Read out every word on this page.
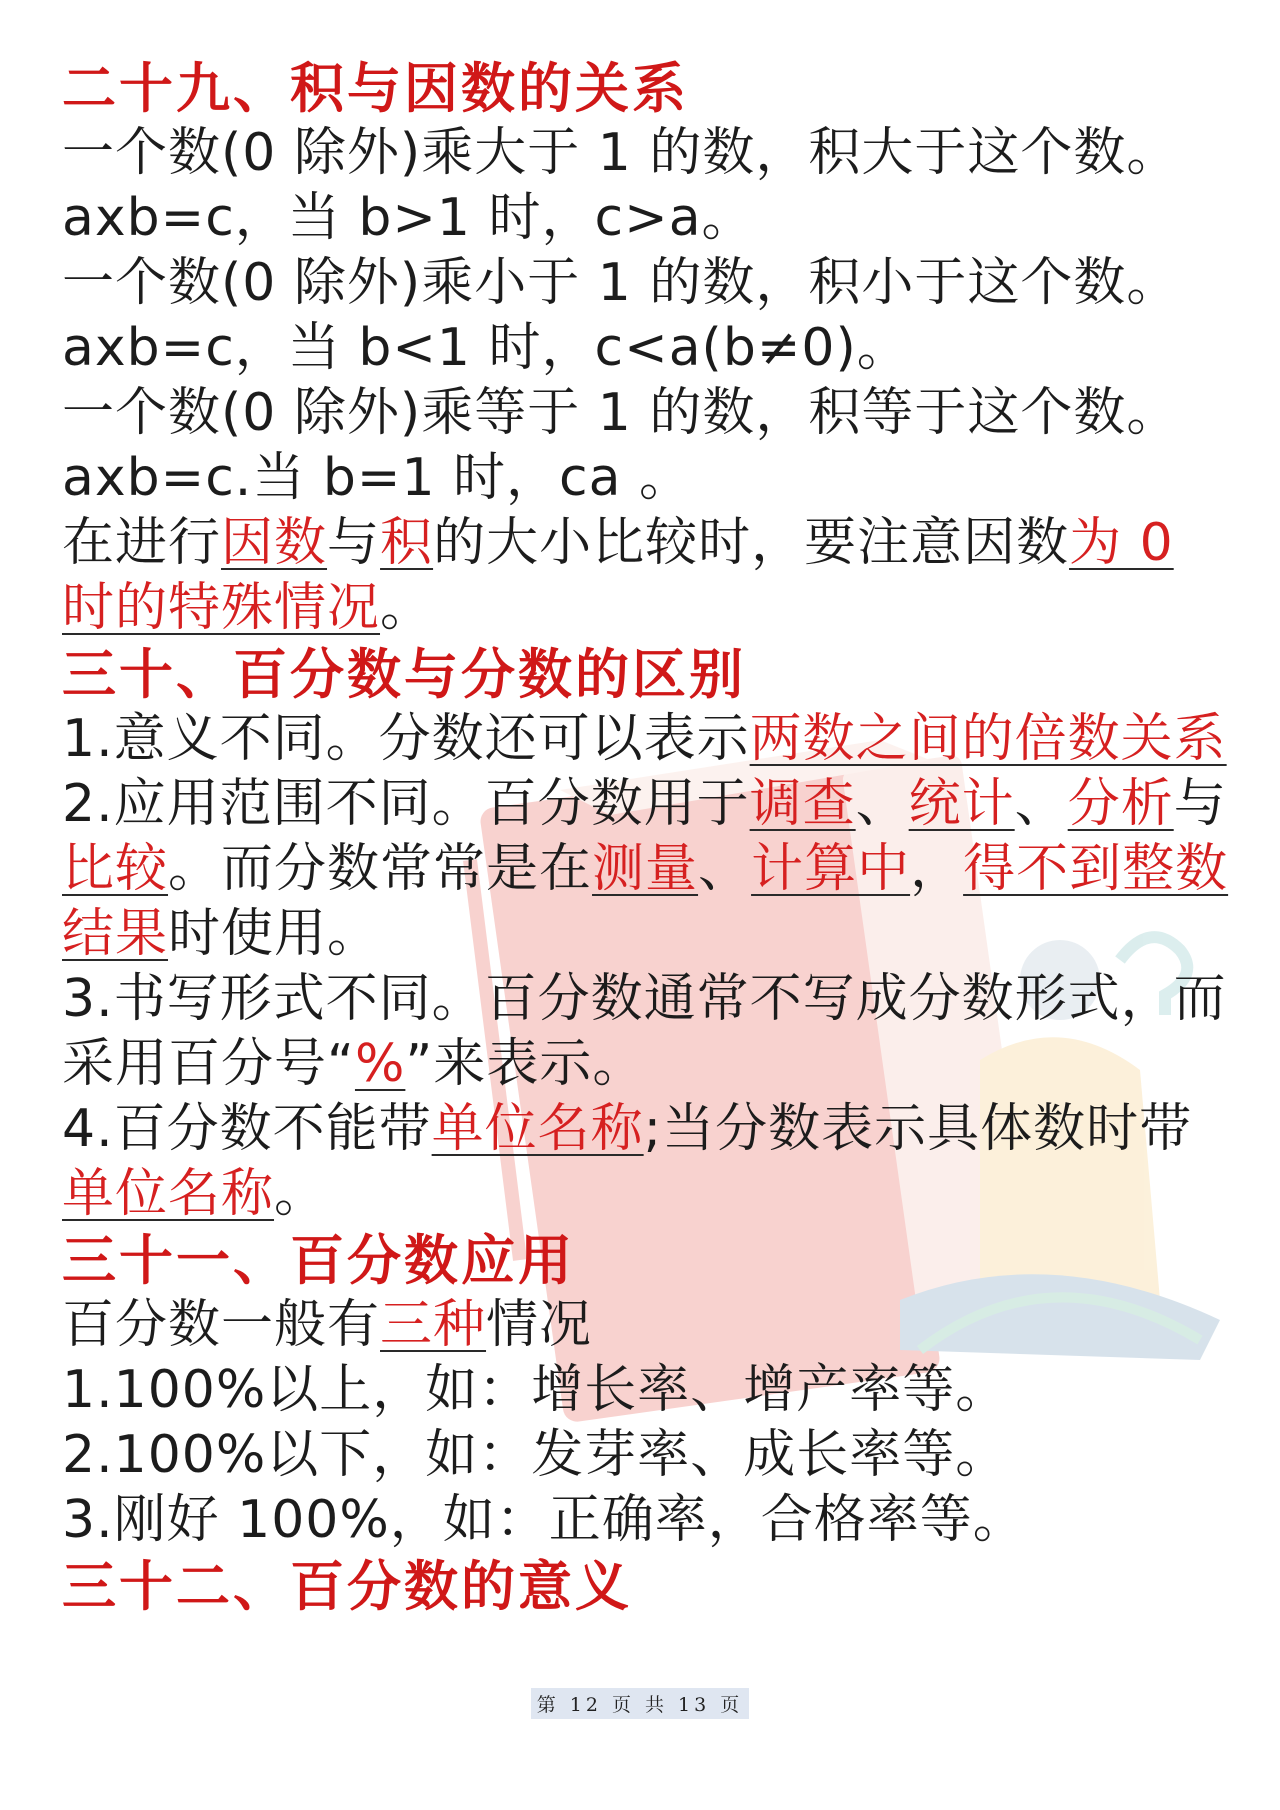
二十九、积与因数的关系
一个数(0 除外)乘大于 1 的数，积大于这个数。
axb=c，当 b>1 时，c>a。
一个数(0 除外)乘小于 1 的数，积小于这个数。
axb=c，当 b<1 时，c<a(b≠0)。
一个数(0 除外)乘等于 1 的数，积等于这个数。
axb=c.当 b=1 时，ca 。
在进行因数与积的大小比较时，要注意因数为 0 时的特殊情况。
三十、百分数与分数的区别
1.意义不同。分数还可以表示两数之间的倍数关系
2.应用范围不同。百分数用于调查、统计、分析与比较。而分数常常是在测量、计算中，得不到整数结果时使用。
3.书写形式不同。百分数通常不写成分数形式，而采用百分号“%”来表示。
4.百分数不能带单位名称;当分数表示具体数时带单位名称。
三十一、百分数应用
百分数一般有三种情况
1.100%以上，如：增长率、增产率等。
2.100%以下，如：发芽率、成长率等。
3.刚好 100%，如：正确率，合格率等。
三十二、百分数的意义
第 12 页 共 13 页
